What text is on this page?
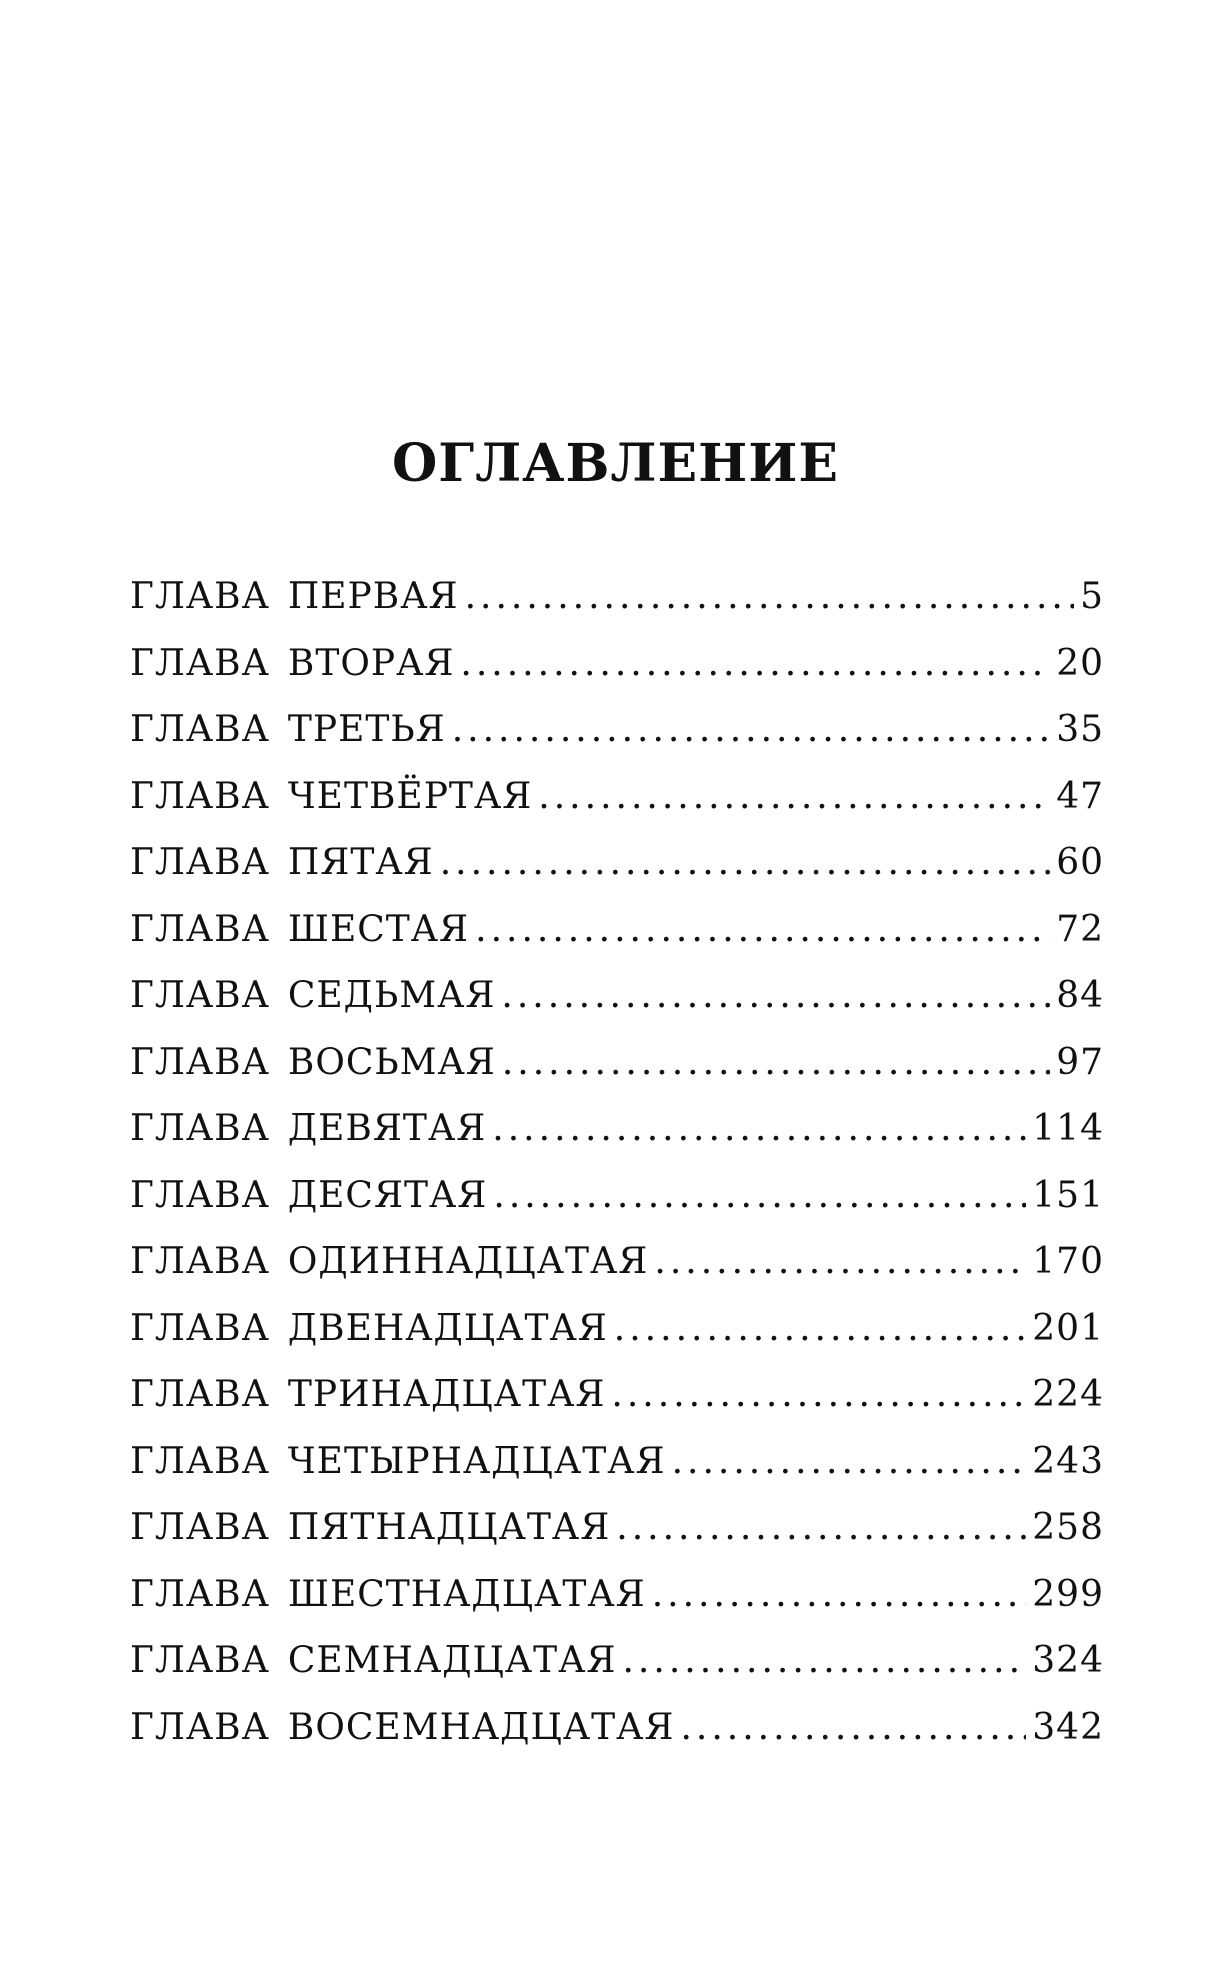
ОГЛАВЛЕНИЕ
ГЛАВА ПЕРВАЯ .....	5
ГЛАВА ВТОРАЯ .....	20
ГЛАВА ТРЕТЬЯ .....	35
ГЛАВА ЧЕТВЁРТАЯ .....	47
ГЛАВА ПЯТАЯ .....	60
ГЛАВА ШЕСТАЯ .....	72
ГЛАВА СЕДЬМАЯ .....	84
ГЛАВА ВОСЬМАЯ .....	97
ГЛАВА ДЕВЯТАЯ .....	114
ГЛАВА ДЕСЯТАЯ .....	151
ГЛАВА ОДИННАДЦАТАЯ .....	170
ГЛАВА ДВЕНАДЦАТАЯ .....	201
ГЛАВА ТРИНАДЦАТАЯ .....	224
ГЛАВА ЧЕТЫРНАДЦАТАЯ .....	243
ГЛАВА ПЯТНАДЦАТАЯ .....	258
ГЛАВА ШЕСТНАДЦАТАЯ .....	299
ГЛАВА СЕМНАДЦАТАЯ .....	324
ГЛАВА ВОСЕМНАДЦАТАЯ .....	342
